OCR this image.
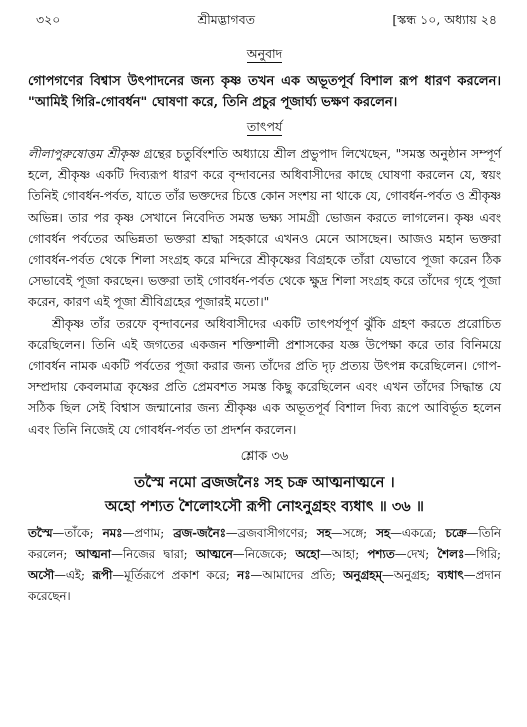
৩২০	শ্রীমদ্ভাগবত	[স্কন্ধ ১০, অধ্যায় ২৪
অনুবাদ

গোপগণের বিশ্বাস উৎপাদনের জন্য কৃষ্ণ তখন এক অভূতপূর্ব বিশাল রূপ ধারণ করলেন। "আমিই গিরি-গোবর্ধন" ঘোষণা করে, তিনি প্রচুর পূজার্ঘ্য ভক্ষণ করলেন।

তাৎপর্য

লীলাপুরুষোত্তম শ্রীকৃষ্ণ গ্রন্থের চতুর্বিংশতি অধ্যায়ে শ্রীল প্রভুপাদ লিখেছেন, "সমস্ত অনুষ্ঠান সম্পূর্ণ হলে, শ্রীকৃষ্ণ একটি দিব্যরূপ ধারণ করে বৃন্দাবনের অধিবাসীদের কাছে ঘোষণা করলেন যে, স্বয়ং তিনিই গোবর্ধন-পর্বত, যাতে তাঁর ভক্তদের চিত্তে কোন সংশয় না থাকে যে, গোবর্ধন-পর্বত ও শ্রীকৃষ্ণ অভিন্ন। তার পর কৃষ্ণ সেখানে নিবেদিত সমস্ত ভক্ষ্য সামগ্রী ভোজন করতে লাগলেন। কৃষ্ণ এবং গোবর্ধন পর্বতের অভিন্নতা ভক্তরা শ্রদ্ধা সহকারে এখনও মেনে আসছেন। আজও মহান ভক্তরা গোবর্ধন-পর্বত থেকে শিলা সংগ্রহ করে মন্দিরে শ্রীকৃষ্ণের বিগ্রহকে তাঁরা যেভাবে পূজা করেন ঠিক সেভাবেই পূজা করছেন। ভক্তরা তাই গোবর্ধন-পর্বত থেকে ক্ষুদ্র শিলা সংগ্রহ করে তাঁদের গৃহে পূজা করেন, কারণ এই পূজা শ্রীবিগ্রহের পূজারই মতো।"

শ্রীকৃষ্ণ তাঁর তরফে বৃন্দাবনের অধিবাসীদের একটি তাৎপর্যপূর্ণ ঝুঁকি গ্রহণ করতে প্ররোচিত করেছিলেন। তিনি এই জগতের একজন শক্তিশালী প্রশাসকের যজ্ঞ উপেক্ষা করে তার বিনিময়ে গোবর্ধন নামক একটি পর্বতের পূজা করার জন্য তাঁদের প্রতি দৃঢ় প্রত্যয় উৎপন্ন করেছিলেন। গোপ-সম্প্রদায় কেবলমাত্র কৃষ্ণের প্রতি প্রেমবশত সমস্ত কিছু করেছিলেন এবং এখন তাঁদের সিদ্ধান্ত যে সঠিক ছিল সেই বিশ্বাস জন্মানোর জন্য শ্রীকৃষ্ণ এক অভূতপূর্ব বিশাল দিব্য রূপে আবির্ভূত হলেন এবং তিনি নিজেই যে গোবর্ধন-পর্বত তা প্রদর্শন করলেন।

শ্লোক ৩৬
তস্মৈ নমো ব্রজজনৈঃ সহ চক্র আত্মনাত্মনে ।
অহো পশ্যত শৈলোঽসৌ রূপী নোঽনুগ্রহং ব্যধাৎ ॥ ৩৬ ॥
তস্মৈ—তাঁকে; নমঃ—প্রণাম; ব্রজ-জনৈঃ—ব্রজবাসীগণের; সহ—সঙ্গে; সহ—একত্রে; চক্রে—তিনি করলেন; আত্মনা—নিজের দ্বারা; আত্মনে—নিজেকে; অহো—আহা; পশ্যত—দেখ; শৈলঃ—গিরি; অসৌ—এই; রূপী—মূর্তিরূপে প্রকাশ করে; নঃ—আমাদের প্রতি; অনুগ্রহম্—অনুগ্রহ; ব্যধাৎ—প্রদান করেছেন।
